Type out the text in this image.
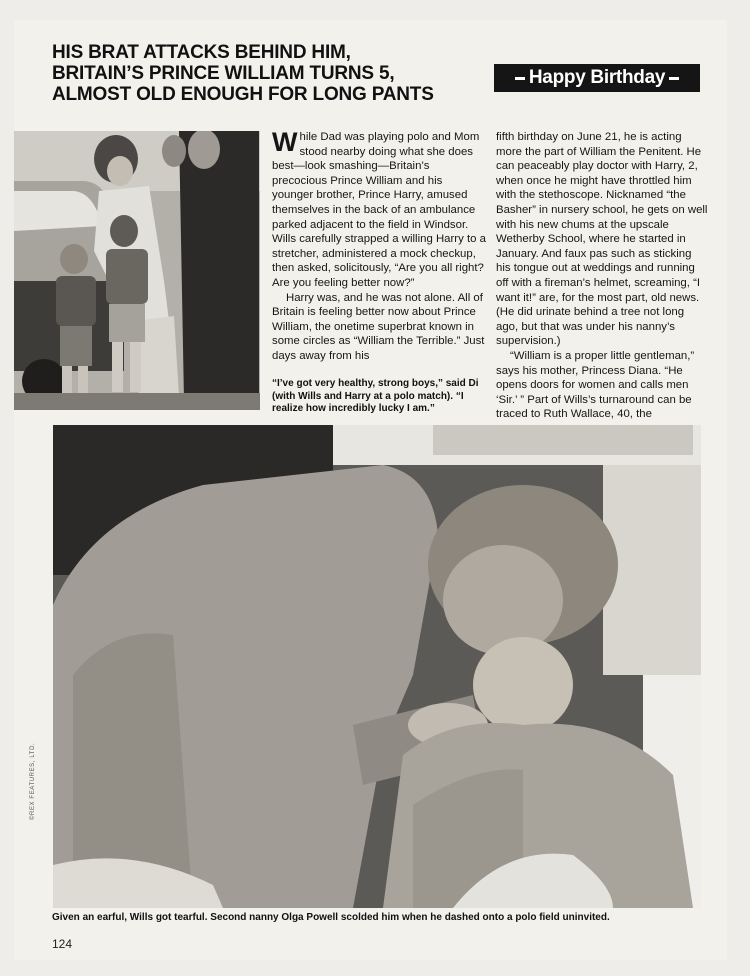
HIS BRAT ATTACKS BEHIND HIM,
BRITAIN’S PRINCE WILLIAM TURNS 5,
ALMOST OLD ENOUGH FOR LONG PANTS
Happy Birthday

While Dad was playing polo and Mom stood nearby doing what she does best—look smashing—Britain’s precocious Prince William and his younger brother, Prince Harry, amused themselves in the back of an ambulance parked adjacent to the field in Windsor. Wills carefully strapped a willing Harry to a stretcher, administered a mock checkup, then asked, solicitously, “Are you all right? Are you feeling better now?”

Harry was, and he was not alone. All of Britain is feeling better now about Prince William, the onetime superbrat known in some circles as “William the Terrible.” Just days away from his

“I’ve got very healthy, strong boys,” said Di (with Wills and Harry at a polo match). “I realize how incredibly lucky I am.”

fifth birthday on June 21, he is acting more the part of William the Penitent. He can peaceably play doctor with Harry, 2, when once he might have throttled him with the stethoscope. Nicknamed “the Basher” in nursery school, he gets on well with his new chums at the upscale Wetherby School, where he started in January. And faux pas such as sticking his tongue out at weddings and running off with a fireman’s helmet, screaming, “I want it!” are, for the most part, old news. (He did urinate behind a tree not long ago, but that was under his nanny’s supervision.)

“William is a proper little gentleman,” says his mother, Princess Diana. “He opens doors for women and calls men ‘Sir.’ ” Part of Wills’s turnaround can be traced to Ruth Wallace, 40, the

©REX FEATURES, LTD.
Given an earful, Wills got tearful. Second nanny Olga Powell scolded him when he dashed onto a polo field uninvited.
124
